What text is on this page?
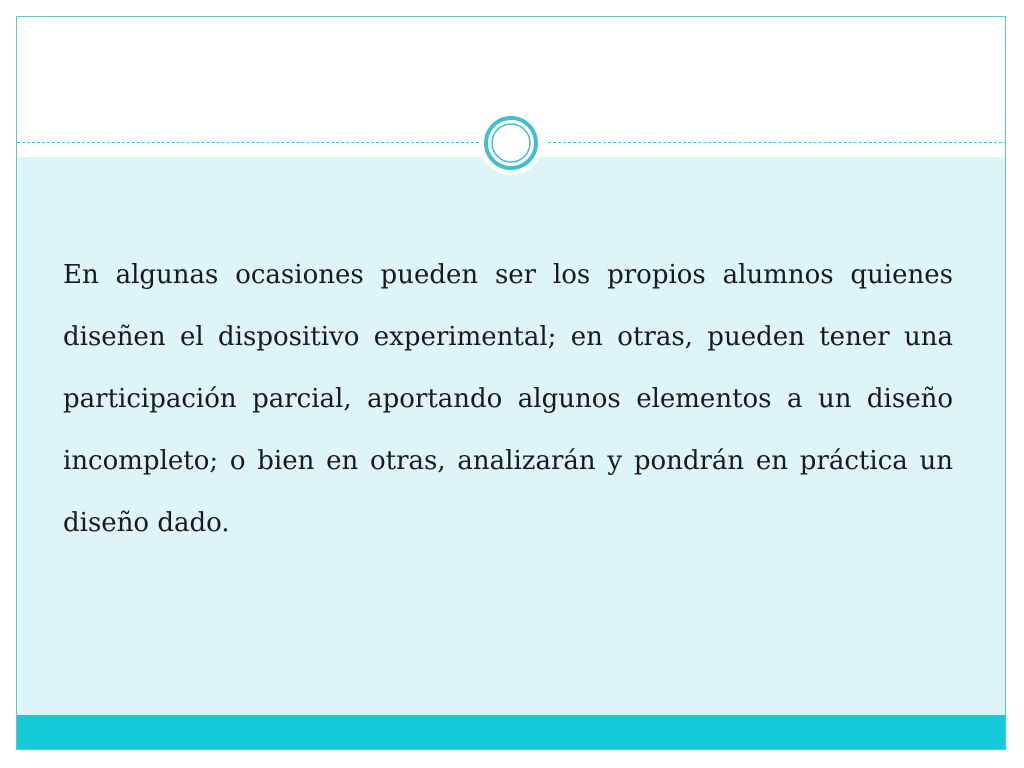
En algunas ocasiones pueden ser los propios alumnos quienes diseñen el dispositivo experimental; en otras, pueden tener una participación parcial, aportando algunos elementos a un diseño incompleto; o bien en otras, analizarán y pondrán en práctica un diseño dado.
